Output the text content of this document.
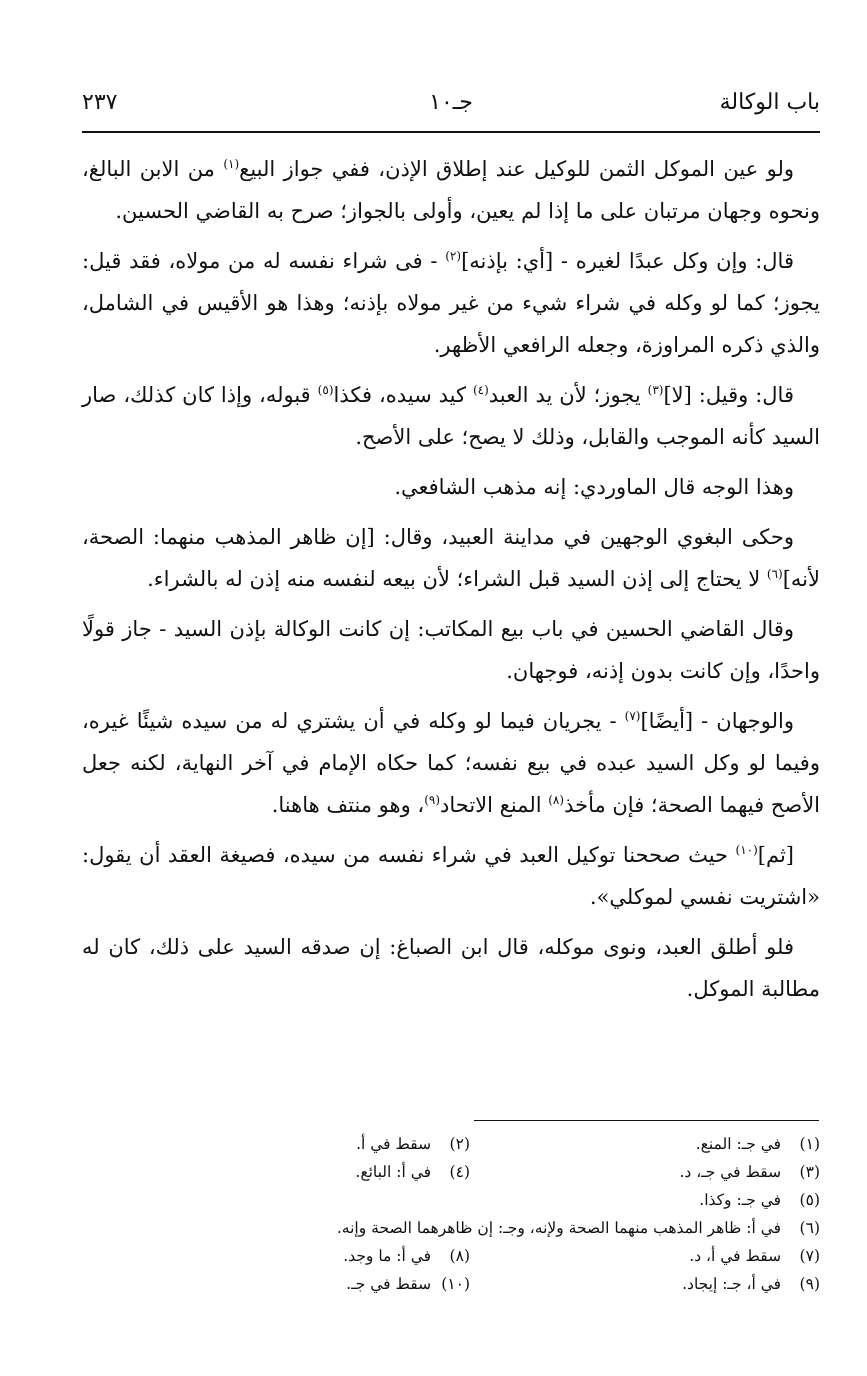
باب الوكالة
جـ١٠
٢٣٧

ولو عين الموكل الثمن للوكيل عند إطلاق الإذن، ففي جواز البيع$^{(١)}$ من الابن البالغ، ونحوه وجهان مرتبان على ما إذا لم يعين، وأولى بالجواز؛ صرح به القاضي الحسين.

قال: وإن وكل عبدًا لغيره - [أي: بإذنه]$^{(٢)}$ - فى شراء نفسه له من مولاه، فقد قيل: يجوز؛ كما لو وكله في شراء شيء من غير مولاه بإذنه؛ وهذا هو الأقيس في الشامل، والذي ذكره المراوزة، وجعله الرافعي الأظهر.

قال: وقيل: [لا]$^{(٣)}$ يجوز؛ لأن يد العبد$^{(٤)}$ كيد سيده، فكذا$^{(٥)}$ قبوله، وإذا كان كذلك، صار السيد كأنه الموجب والقابل، وذلك لا يصح؛ على الأصح.

وهذا الوجه قال الماوردي: إنه مذهب الشافعي.

وحكى البغوي الوجهين في مداينة العبيد، وقال: [إن ظاهر المذهب منهما: الصحة، لأنه]$^{(٦)}$ لا يحتاج إلى إذن السيد قبل الشراء؛ لأن بيعه لنفسه منه إذن له بالشراء.

وقال القاضي الحسين في باب بيع المكاتب: إن كانت الوكالة بإذن السيد - جاز قولًا واحدًا، وإن كانت بدون إذنه، فوجهان.

والوجهان - [أيضًا]$^{(٧)}$ - يجريان فيما لو وكله في أن يشتري له من سيده شيئًا غيره، وفيما لو وكل السيد عبده في بيع نفسه؛ كما حكاه الإمام في آخر النهاية، لكنه جعل الأصح فيهما الصحة؛ فإن مأخذ$^{(٨)}$ المنع الاتحاد$^{(٩)}$، وهو منتف هاهنا.

[ثم]$^{(١٠)}$ حيث صححنا توكيل العبد في شراء نفسه من سيده، فصيغة العقد أن يقول: «اشتريت نفسي لموكلي».

فلو أطلق العبد، ونوى موكله، قال ابن الصباغ: إن صدقه السيد على ذلك، كان له مطالبة الموكل.

(١) في جـ: المنع.
(٢) سقط في أ.
(٣) سقط في جـ، د.
(٤) في أ: البائع.
(٥) في جـ: وكذا.
(٦) في أ: ظاهر المذهب منهما الصحة ولإنه، وجـ: إن ظاهرهما الصحة وإنه.
(٧) سقط في أ، د.
(٨) في أ: ما وجد.
(٩) في أ، جـ: إيجاد.
(١٠) سقط في جـ.
